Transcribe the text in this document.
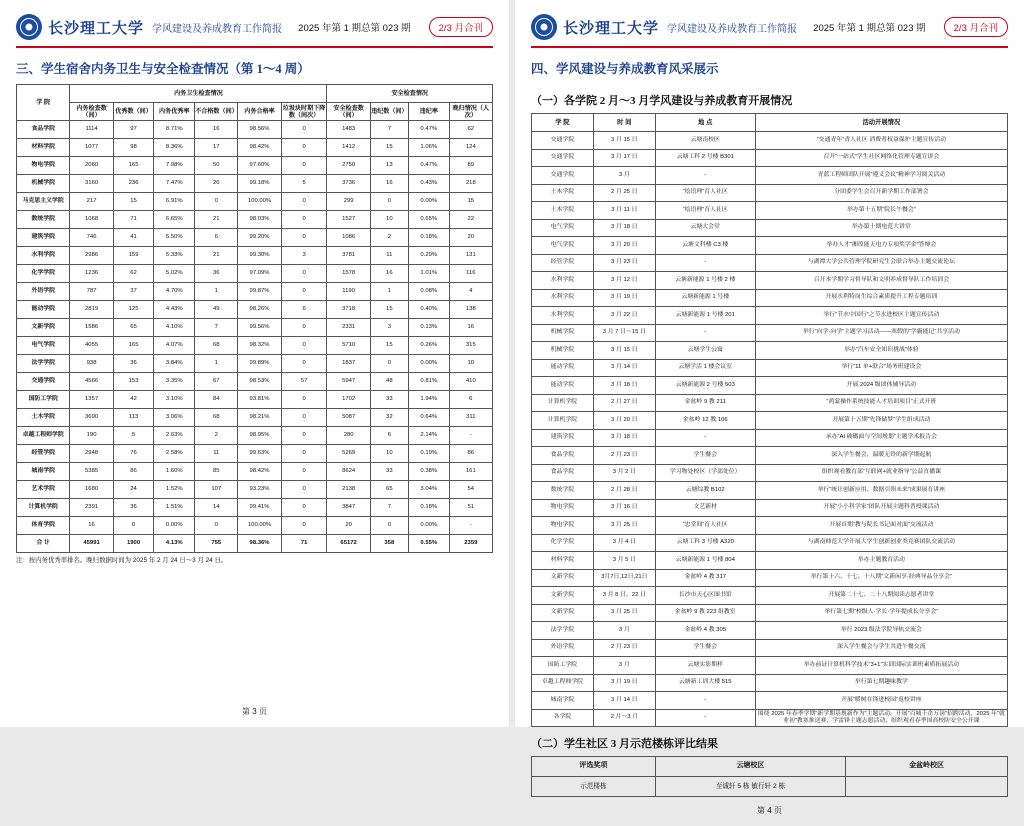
长沙理工大学 学风建设及养成教育工作简报 2025 年第 1 期总第 023 期	2/3 月合刊
三、学生宿舍内务卫生与安全检查情况（第 1～4 周）
学 院	内务卫生检查情况						安全检查情况			
	内务检查数（间）	优秀数（间）	内务优秀率	不合格数（间）	内务合格率	垃圾块时期下降数（间次）	安全检查数（间）	违纪数（间）	违纪率	晚归情况（人次）
食品学院	1114	97	8.71%	16	98.56%	0	1483	7	0.47%	62
材料学院	1077	98	8.36%	17	98.42%	0	1412	15	1.06%	124
物电学院	2060	165	7.98%	50	97.60%	0	2750	13	0.47%	89
机械学院	3160	236	7.47%	26	99.18%	5	3736	16	0.43%	218
马克思主义学院	217	15	6.91%	0	100.00%	0	299	0	0.00%	15
数统学院	1068	71	6.65%	21	98.03%	0	1527	10	0.65%	22
建筑学院	746	41	5.50%	6	99.20%	0	1086	2	0.18%	20
水利学院	2986	159	5.33%	21	99.30%	3	3781	11	0.29%	131
化学学院	1236	62	5.02%	36	97.09%	0	1578	16	1.01%	116
外语学院	787	37	4.70%	1	99.87%	0	1190	1	0.08%	4
能动学院	2819	125	4.43%	49	98.26%	6	3718	15	0.40%	138
文新学院	1586	65	4.10%	7	99.56%	0	2331	3	0.13%	16
电气学院	4055	165	4.07%	68	98.32%	0	5710	15	0.26%	315
法学学院	938	36	3.84%	1	99.89%	0	1837	0	0.00%	10
交通学院	4566	153	3.35%	67	98.53%	57	5947	48	0.81%	410
国防工学院	1357	42	3.10%	84	93.81%	0	1702	33	1.94%	6
土木学院	3690	113	3.06%	68	98.21%	0	5087	32	0.64%	311
卓越工程师学院	190	5	2.63%	2	98.95%	0	280	6	2.14%	-
经管学院	2948	76	2.58%	11	99.63%	0	5269	10	0.19%	86
城南学院	5385	86	1.60%	85	98.42%	0	8624	33	0.38%	161
艺术学院	1680	24	1.52%	107	93.23%	0	2138	65	3.04%	54
计算机学院	2391	36	1.51%	14	99.41%	0	3847	7	0.18%	51
体育学院	16	0	0.00%	0	100.00%	0	20	0	0.00%	-
合 计	45991	1900	4.13%	755	98.36%	71	65172	358	0.55%	2359
注：按内务优秀率排名。晚归数据时间为 2025 年 2 月 24 日～3 月 24 日。
第 3 页
长沙理工大学 学风建设及养成教育工作简报 2025 年第 1 期总第 023 期	2/3 月合刊
四、学风建设与养成教育风采展示
（一）各学院 2 月～3 月学风建设与养成教育开展情况
学 院	时 间	地 点	活动开展情况
交通学院	3 月 15 日	云塘南校区	“交通青年”青人社区 消费者权益保护主题宣传活动
交通学院	3 月 17 日	云塘工科 2 号楼 B301	召开“一站式”学生社区网络化管理专题宣讲会
交通学院	3 月	-	青蓝工程师团队开展“遵义会议”精神学习阅关活动
土木学院	2 月 25 日	“绘语理”育人社区	分团委学生会召开新学期工作部署会
土木学院	3 月 11 日	“绘语理”育人社区	举办第十五期“院长午餐会”
电气学院	3 月 18 日	云塘大会堂	举办第十期电范大讲堂
电气学院	3 月 20 日	云塘文科楼 C3 楼	举办人才“湘徨能天电力专项奖学金”答辩会
经管学院	3 月 23 日	-	与湖潭大学公共管理学院研究生会联合举办主题交流论坛
水利学院	3 月 12 日	云塘新能源 1 号楼 2 楼	召开本学期学习督导队和文明养成督导队工作培训会
水利学院	3 月 19 日	云塘新能源 1 号楼	开展水利特岗生综合素质提升工程专题培训
水利学院	3 月 22 日	云塘新能源 1 号楼 201	举行“节水中国行”之节水进校区主题宣传活动
机械学院	3 月 7 日～15 日	-	举行“向学·向学”主题学习活动——寒假的“学霸能记”共享活动
机械学院	3 月 15 日	云塘学生公寓	举办“汽车安全知识挑战”体验
能动学院	3 月 14 日	云塘学活 1 楼会议室	举行“11 单+联合”场务班建设会
能动学院	3 月 18 日	云塘新能源 2 号楼 503	开展 2024 级团体辅导活动
计算机学院	2 月 27 日	金盆岭 9 教 211	“鸿蒙操作系统技能人才培训项目”正式开班
计算机学院	3 月 20 日	金盆岭 12 教 106	开展第十五期“先锋储梦”学生组成活动
建筑学院	3 月 18 日	-	承办“AI 破碼面与空间规划”主题学术报告会
食品学院	2 月 23 日	学生餐会	深入学生餐会，温暖无铃的新学期起航
食品学院	3 月 2 日	学习物处校区（学部处位）	组织观看教育部“互联网+就业指导”公益直播课
数统学院	2 月 28 日	云塘综教 B102	举行“统计创新应用、数据引领未来”成果展育讲座
物电学院	3 月 16 日	文艺新材	开展“小小科学家”团队开展主题科普授课活动
物电学院	3 月 25 日	“忠堂间”育人社区	开展首期“教与院长书记面对面”交流活动
化学学院	3 月 4 日	云塘工科 3 号楼 A320	与湖南师范大学开展大学生创新创业类竞赛团队交流活动
材料学院	3 月 5 日	云塘新能源 1 号楼 804	举办主题教育活动
文新学院	3月7日,12日,21日	金盆岭 4 教 317	举行第十六、十七、十八期“文新闲享·经典导品分享会”
文新学院	3 月 8 日、22 日	长沙市天心区图书馆	开展第二十七、二十八期阅读志愿者讲堂
文新学院	3 月 25 日	金盆岭 9 教 223 组教室	举行第七期“校级人·学长·学年提成长分享会”
法学学院	3 月	金盆岭 4 教 305	举行 2023 级法学院导轨交流会
外语学院	2 月 23 日	学生餐会	深入学生餐会与学生共进午餐交流
国防工学院	3 月	云塘实影期样	举办前证计算机科学技术“3+1”实训国际实训班素质拓展活动
卓越工程师学院	3 月 19 日	云塘新工训大楼 515	举行第七期趣味教学
城南学院	3 月 14 日	-	开展“暖树在锋进校园”返校讲座
各学院	2 月～3 月	-	围绕 2025 年春季学期“新学期基规新作为”主题活动，开展“百城千企万岗”招聘活动、2025 年“就业初”教塞推送赛、学雷锋主题志愿活动、组织观看春季国高校防安全公开课
（二）学生社区 3 月示范楼栋评比结果
评选奖项	云塘校区	金盆岭校区
示范楼栋	至诚轩 5 栋 敏行轩 2 栋	
第 4 页
